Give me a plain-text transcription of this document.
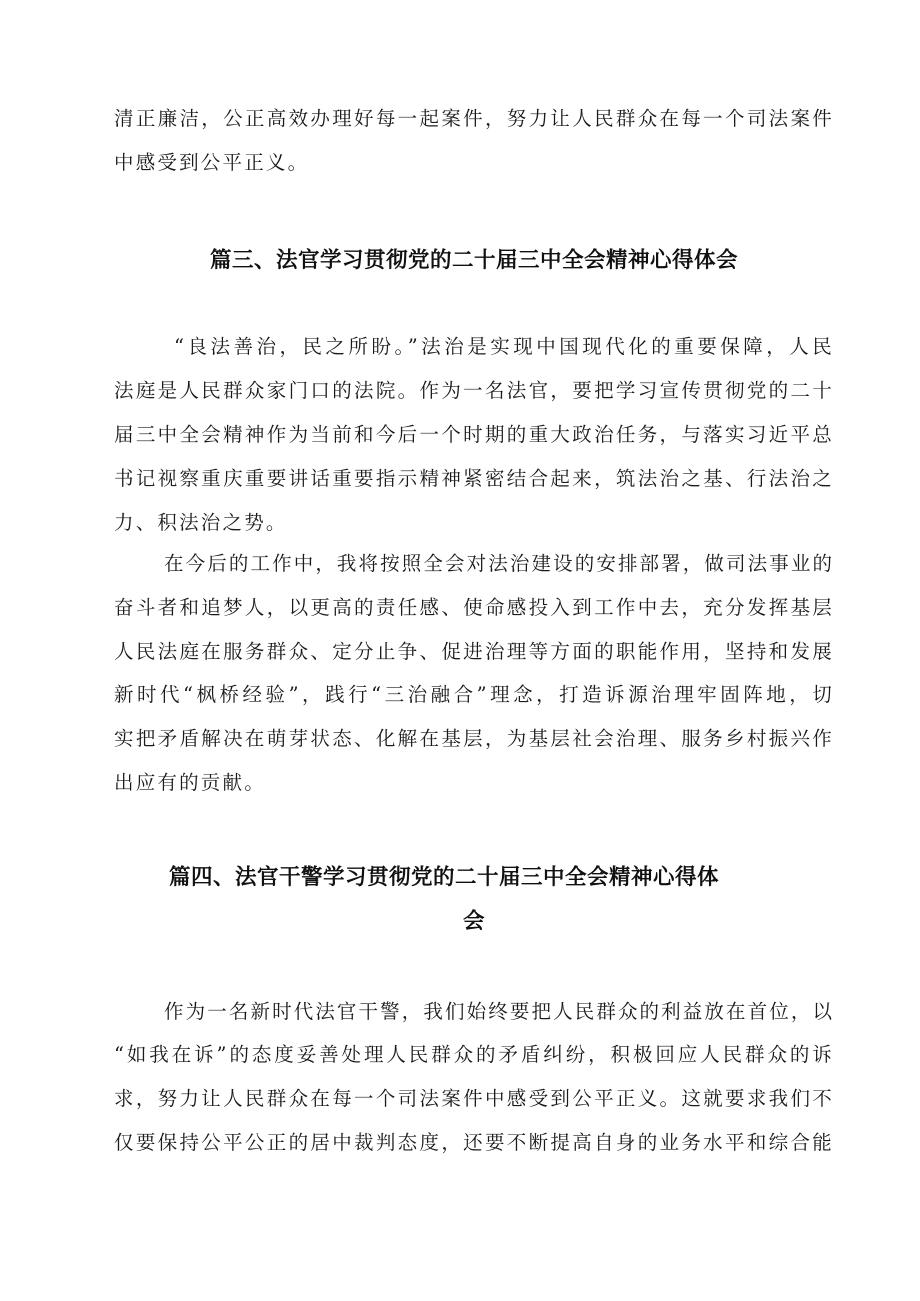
清正廉洁，公正高效办理好每一起案件，努力让人民群众在每一个司法案件
中感受到公平正义。
篇三、法官学习贯彻党的二十届三中全会精神心得体会
“良法善治，民之所盼。”法治是实现中国现代化的重要保障，人民
法庭是人民群众家门口的法院。作为一名法官，要把学习宣传贯彻党的二十
届三中全会精神作为当前和今后一个时期的重大政治任务，与落实习近平总
书记视察重庆重要讲话重要指示精神紧密结合起来，筑法治之基、行法治之
力、积法治之势。
在今后的工作中，我将按照全会对法治建设的安排部署，做司法事业的
奋斗者和追梦人，以更高的责任感、使命感投入到工作中去，充分发挥基层
人民法庭在服务群众、定分止争、促进治理等方面的职能作用，坚持和发展
新时代“枫桥经验”，践行“三治融合”理念，打造诉源治理牢固阵地，切
实把矛盾解决在萌芽状态、化解在基层，为基层社会治理、服务乡村振兴作
出应有的贡献。
篇四、法官干警学习贯彻党的二十届三中全会精神心得体
会
作为一名新时代法官干警，我们始终要把人民群众的利益放在首位，以
“如我在诉”的态度妥善处理人民群众的矛盾纠纷，积极回应人民群众的诉
求，努力让人民群众在每一个司法案件中感受到公平正义。这就要求我们不
仅要保持公平公正的居中裁判态度，还要不断提高自身的业务水平和综合能
